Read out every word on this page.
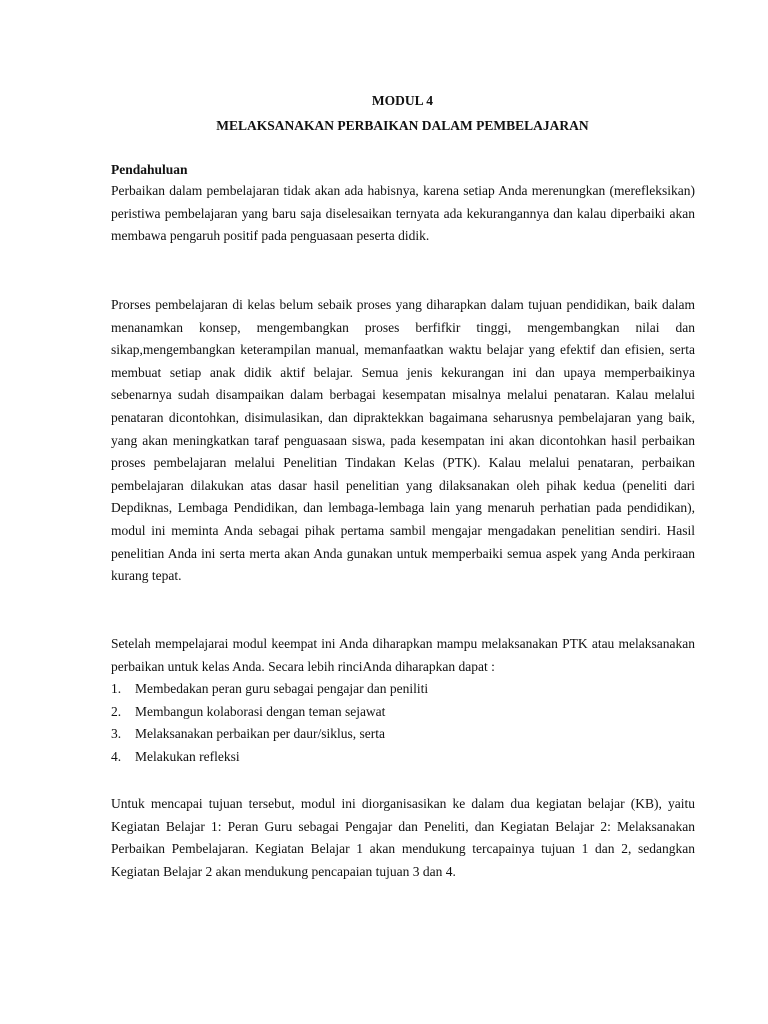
MODUL 4
MELAKSANAKAN PERBAIKAN DALAM PEMBELAJARAN
Pendahuluan

Perbaikan dalam pembelajaran tidak akan ada habisnya, karena setiap Anda merenungkan (merefleksikan) peristiwa pembelajaran yang baru saja diselesaikan ternyata ada kekurangannya dan kalau diperbaiki akan membawa pengaruh positif pada penguasaan peserta didik.

Prorses pembelajaran di kelas belum sebaik proses yang diharapkan dalam tujuan pendidikan, baik dalam menanamkan konsep, mengembangkan proses berfifkir tinggi, mengembangkan nilai dan sikap,mengembangkan keterampilan manual, memanfaatkan waktu belajar yang efektif dan efisien, serta membuat setiap anak didik aktif belajar. Semua jenis kekurangan ini dan upaya memperbaikinya sebenarnya sudah disampaikan dalam berbagai kesempatan misalnya melalui penataran. Kalau melalui penataran dicontohkan, disimulasikan, dan dipraktekkan bagaimana seharusnya pembelajaran yang baik, yang akan meningkatkan taraf penguasaan siswa, pada kesempatan ini akan dicontohkan hasil perbaikan proses pembelajaran melalui Penelitian Tindakan Kelas (PTK). Kalau melalui penataran, perbaikan pembelajaran dilakukan atas dasar hasil penelitian yang dilaksanakan oleh pihak kedua (peneliti dari Depdiknas, Lembaga Pendidikan, dan lembaga-lembaga lain yang menaruh perhatian pada pendidikan), modul ini meminta Anda sebagai pihak pertama sambil mengajar mengadakan penelitian sendiri. Hasil penelitian Anda ini serta merta akan Anda gunakan untuk memperbaiki semua aspek yang Anda perkiraan kurang tepat.

Setelah mempelajarai modul keempat ini Anda diharapkan mampu melaksanakan PTK atau melaksanakan perbaikan untuk kelas Anda. Secara lebih rinciAnda diharapkan dapat :

1. Membedakan peran guru sebagai pengajar dan peniliti
2. Membangun kolaborasi dengan teman sejawat
3. Melaksanakan perbaikan per daur/siklus, serta
4. Melakukan refleksi

Untuk mencapai tujuan tersebut, modul ini diorganisasikan ke dalam dua kegiatan belajar (KB), yaitu Kegiatan Belajar 1: Peran Guru sebagai Pengajar dan Peneliti, dan Kegiatan Belajar 2: Melaksanakan Perbaikan Pembelajaran. Kegiatan Belajar 1 akan mendukung tercapainya tujuan 1 dan 2, sedangkan Kegiatan Belajar 2 akan mendukung pencapaian tujuan 3 dan 4.
